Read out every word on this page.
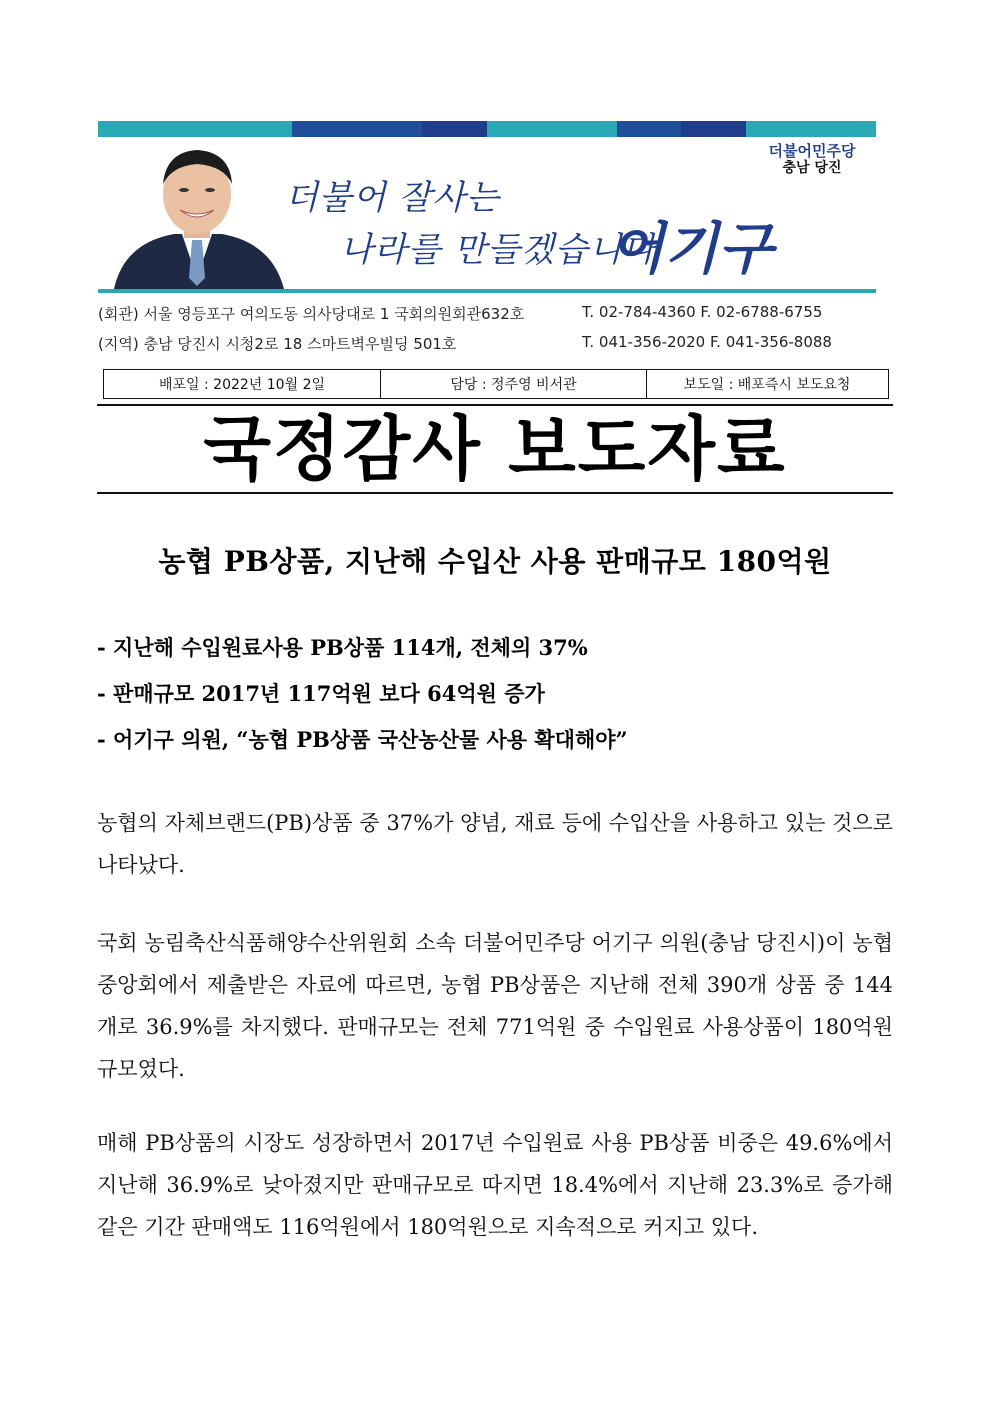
더불어 잘사는
나라를 만들겠습니다
어기구
더불어민주당
충남 당진
(회관) 서울 영등포구 여의도동 의사당대로 1 국회의원회관632호	T. 02-784-4360 F. 02-6788-6755
(지역) 충남 당진시 시청2로 18 스마트벽우빌딩 501호	T. 041-356-2020 F. 041-356-8088
배포일 : 2022년 10월 2일	담당 : 정주영 비서관	보도일 : 배포즉시 보도요청
국정감사 보도자료
농협 PB상품, 지난해 수입산 사용 판매규모 180억원
- 지난해 수입원료사용 PB상품 114개, 전체의 37%
- 판매규모 2017년 117억원 보다 64억원 증가
- 어기구 의원, “농협 PB상품 국산농산물 사용 확대해야”
농협의 자체브랜드(PB)상품 중 37%가 양념, 재료 등에 수입산을 사용하고 있는 것으로 나타났다.
국회 농림축산식품해양수산위원회 소속 더불어민주당 어기구 의원(충남 당진시)이 농협중앙회에서 제출받은 자료에 따르면, 농협 PB상품은 지난해 전체 390개 상품 중 144개로 36.9%를 차지했다. 판매규모는 전체 771억원 중 수입원료 사용상품이 180억원 규모였다.
매해 PB상품의 시장도 성장하면서 2017년 수입원료 사용 PB상품 비중은 49.6%에서 지난해 36.9%로 낮아졌지만 판매규모로 따지면 18.4%에서 지난해 23.3%로 증가해 같은 기간 판매액도 116억원에서 180억원으로 지속적으로 커지고 있다.
